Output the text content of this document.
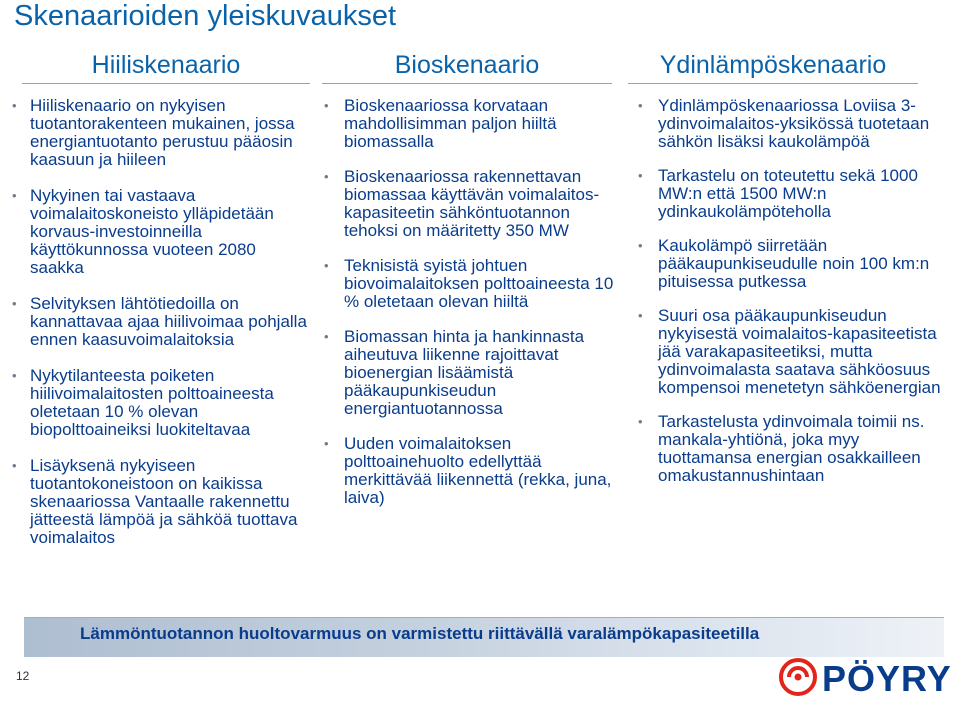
Skenaarioiden yleiskuvaukset
Hiiliskenaario	Bioskenaario	Ydinlämpöskenaario
• Hiiliskenaario on nykyisen tuotantorakenteen mukainen, jossa energiantuotanto perustuu pääosin kaasuun ja hiileen
• Nykyinen tai vastaava voimalaitoskoneisto ylläpidetään korvaus-investoinneilla käyttökunnossa vuoteen 2080 saakka
• Selvityksen lähtötiedoilla on kannattavaa ajaa hiilivoimaa pohjalla ennen kaasuvoimalaitoksia
• Nykytilanteesta poiketen hiilivoimalaitosten polttoaineesta oletetaan 10 % olevan biopolttoaineiksi luokiteltavaa
• Lisäyksenä nykyiseen tuotantokoneistoon on kaikissa skenaariossa Vantaalle rakennettu jätteestä lämpöä ja sähköä tuottava voimalaitos
• Bioskenaariossa korvataan mahdollisimman paljon hiiltä biomassalla
• Bioskenaariossa rakennettavan biomassaa käyttävän voimalaitos-kapasiteetin sähköntuotannon tehoksi on määritetty 350 MW
• Teknisistä syistä johtuen biovoimalaitoksen polttoaineesta 10 % oletetaan olevan hiiltä
• Biomassan hinta ja hankinnasta aiheutuva liikenne rajoittavat bioenergian lisäämistä pääkaupunkiseudun energiantuotannossa
• Uuden voimalaitoksen polttoainehuolto edellyttää merkittävää liikennettä (rekka, juna, laiva)
• Ydinlämpöskenaariossa Loviisa 3- ydinvoimalaitos-yksikössä tuotetaan sähkön lisäksi kaukolämpöä
• Tarkastelu on toteutettu sekä 1000 MW:n että 1500 MW:n ydinkaukolämpöteholla
• Kaukolämpö siirretään pääkaupunkiseudulle noin 100 km:n pituisessa putkessa
• Suuri osa pääkaupunkiseudun nykyisestä voimalaitos-kapasiteetista jää varakapasiteetiksi, mutta ydinvoimalasta saatava sähköosuus kompensoi menetetyn sähköenergian
• Tarkastelusta ydinvoimala toimii ns. mankala-yhtiönä, joka myy tuottamansa energian osakkailleen omakustannushintaan
Lämmöntuotannon huoltovarmuus on varmistettu riittävällä varalämpökapasiteetilla
12	PÖYRY
